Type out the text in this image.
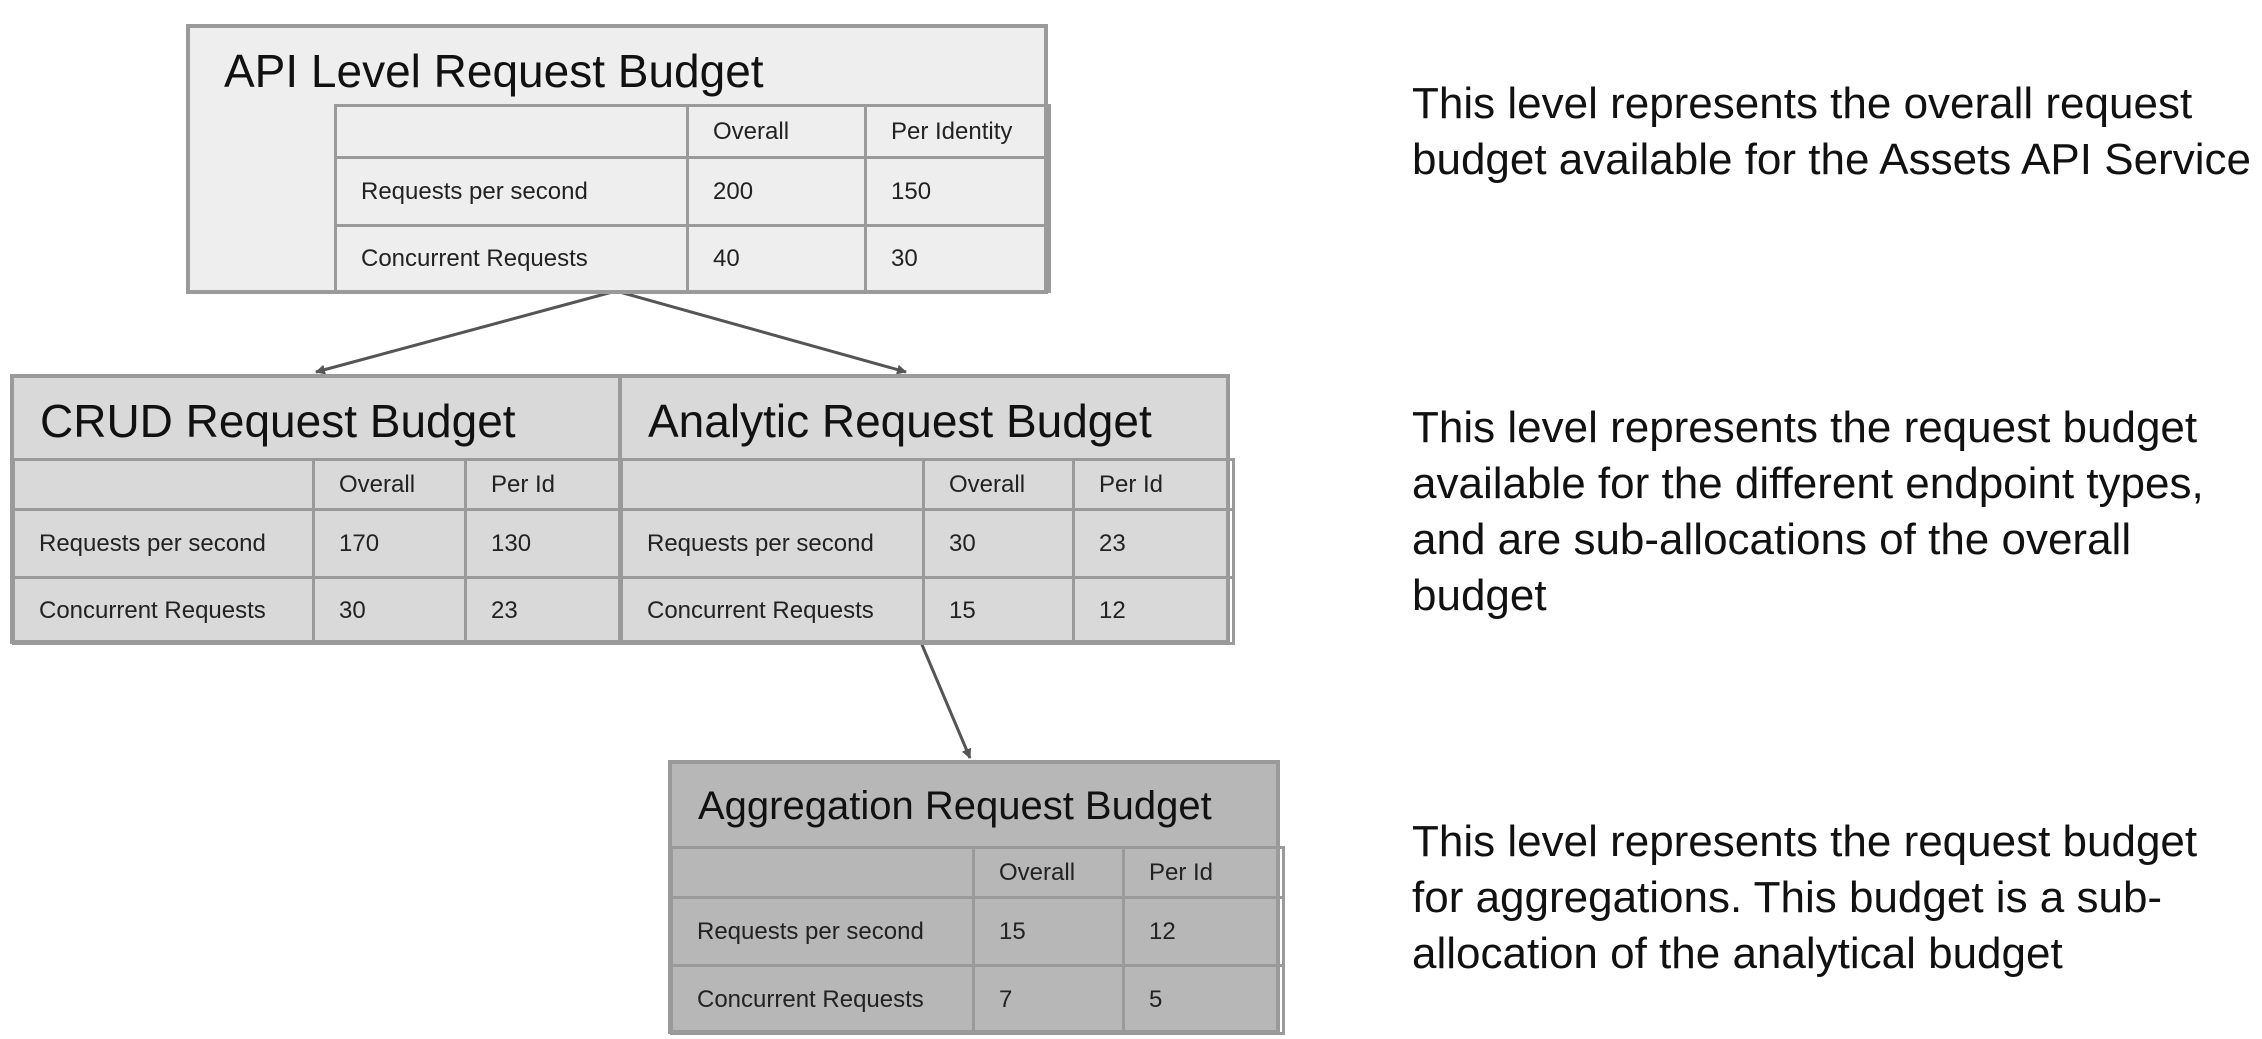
API Level Request Budget
	Overall	Per Identity
Requests per second	200	150
Concurrent Requests	40	30
CRUD Request Budget
	Overall	Per Id
Requests per second	170	130
Concurrent Requests	30	23
Analytic Request Budget
	Overall	Per Id
Requests per second	30	23
Concurrent Requests	15	12
Aggregation Request Budget
	Overall	Per Id
Requests per second	15	12
Concurrent Requests	7	5
This level represents the overall request budget available for the Assets API Service
This level represents the request budget available for the different endpoint types, and are sub-allocations of the overall budget
This level represents the request budget for aggregations. This budget is a sub-allocation of the analytical budget
